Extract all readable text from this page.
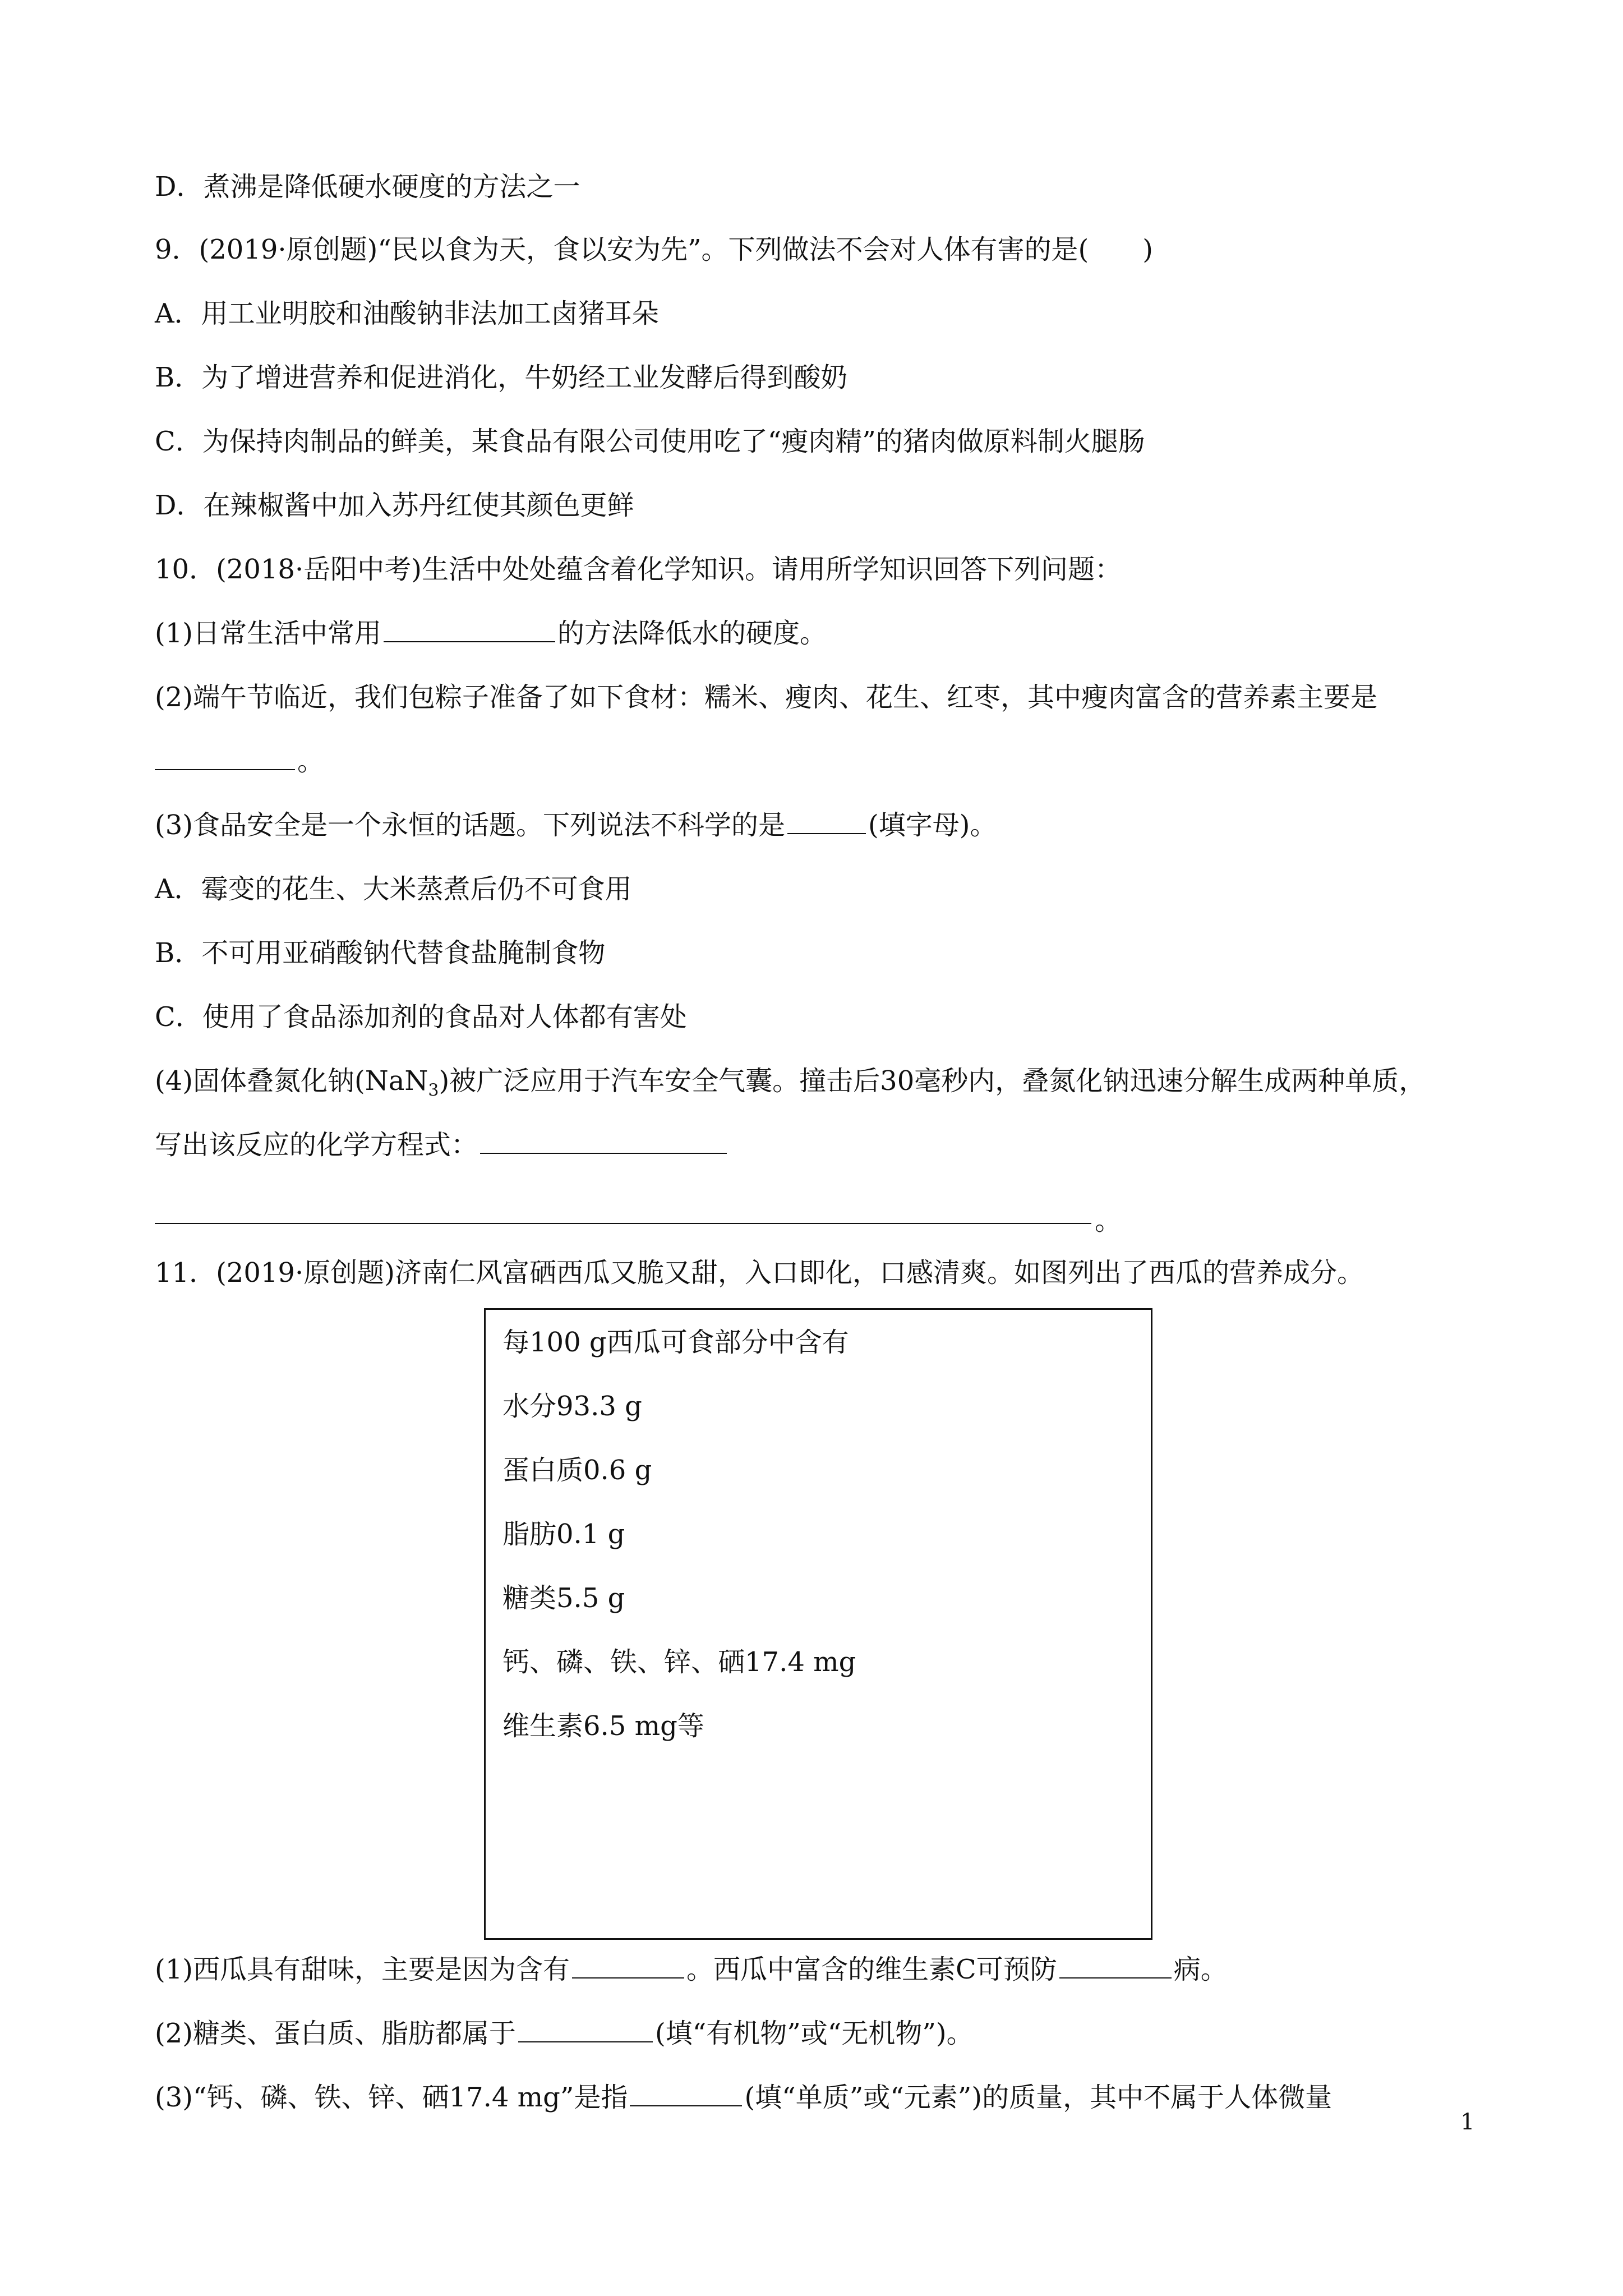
D．煮沸是降低硬水硬度的方法之一
9．(2019·原创题)“民以食为天，食以安为先”。下列做法不会对人体有害的是(　　)
A．用工业明胶和油酸钠非法加工卤猪耳朵
B．为了增进营养和促进消化，牛奶经工业发酵后得到酸奶
C．为保持肉制品的鲜美，某食品有限公司使用吃了“瘦肉精”的猪肉做原料制火腿肠
D．在辣椒酱中加入苏丹红使其颜色更鲜
10．(2018·岳阳中考)生活中处处蕴含着化学知识。请用所学知识回答下列问题：
(1)日常生活中常用	的方法降低水的硬度。
(2)端午节临近，我们包粽子准备了如下食材：糯米、瘦肉、花生、红枣，其中瘦肉富含的营养素主要是
。
(3)食品安全是一个永恒的话题。下列说法不科学的是	(填字母)。
A．霉变的花生、大米蒸煮后仍不可食用
B．不可用亚硝酸钠代替食盐腌制食物
C．使用了食品添加剂的食品对人体都有害处
(4)固体叠氮化钠(NaN$_3$)被广泛应用于汽车安全气囊。撞击后30毫秒内，叠氮化钠迅速分解生成两种单质，
写出该反应的化学方程式：
。
11．(2019·原创题)济南仁风富硒西瓜又脆又甜，入口即化，口感清爽。如图列出了西瓜的营养成分。
每100 g西瓜可食部分中含有
水分93.3 g
蛋白质0.6 g
脂肪0.1 g
糖类5.5 g
钙、磷、铁、锌、硒17.4 mg
维生素6.5 mg等
(1)西瓜具有甜味，主要是因为含有	。西瓜中富含的维生素C可预防	病。
(2)糖类、蛋白质、脂肪都属于	(填“有机物”或“无机物”)。
(3)“钙、磷、铁、锌、硒17.4 mg”是指	(填“单质”或“元素”)的质量，其中不属于人体微量
1
